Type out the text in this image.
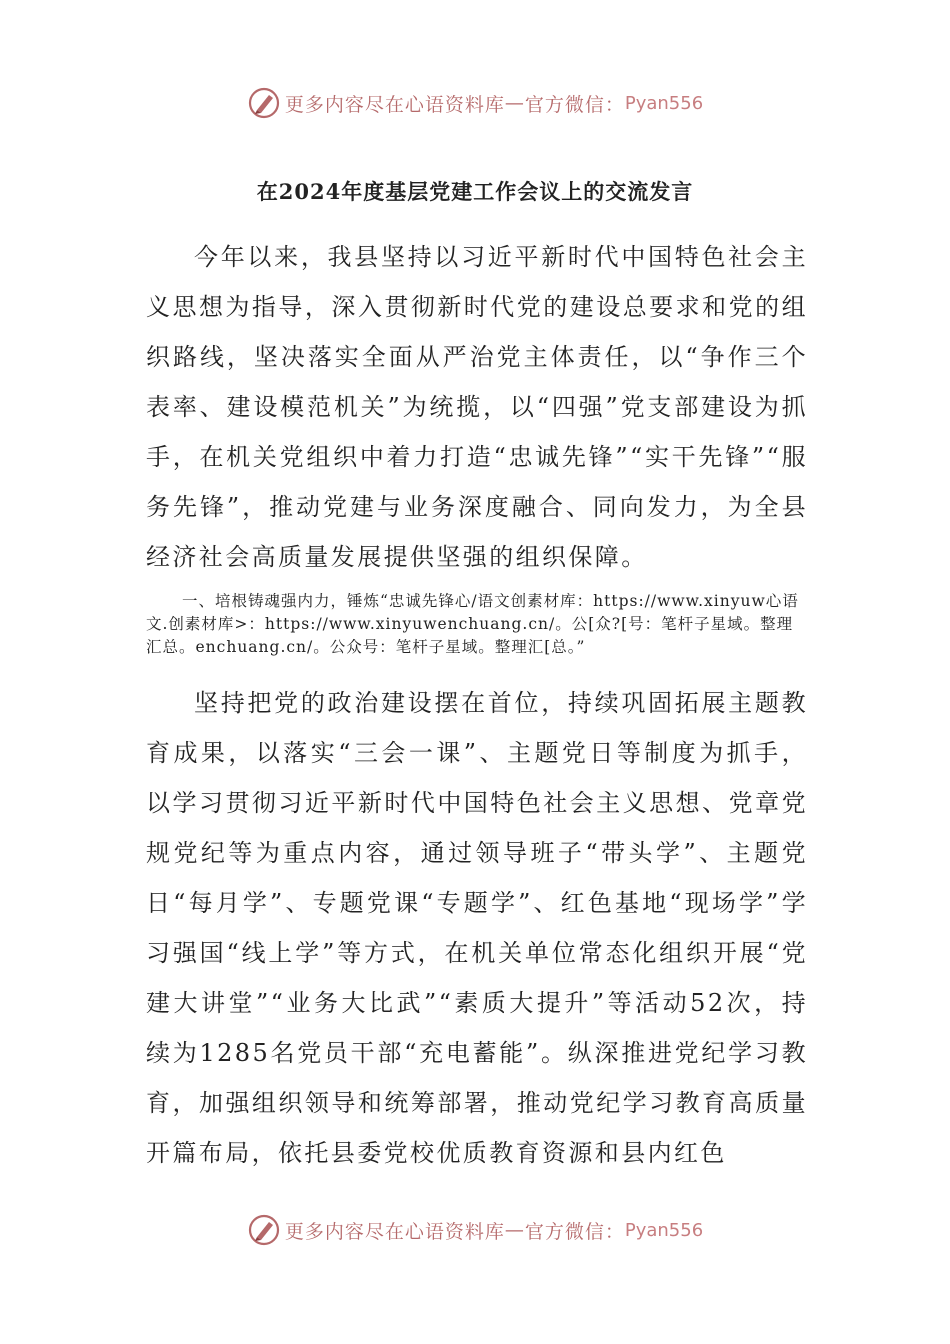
更多内容尽在心语资料库 — 官方微信： Pyan556
在2024年度基层党建工作会议上的交流发言

今年以来，我县坚持以习近平新时代中国特色社会主义思想为指导，深入贯彻新时代党的建设总要求和党的组织路线，坚决落实全面从严治党主体责任，以“争作三个表率、建设模范机关”为统揽，以“四强”党支部建设为抓手，在机关党组织中着力打造“忠诚先锋”“实干先锋”“服务先锋”，推动党建与业务深度融合、同向发力，为全县经济社会高质量发展提供坚强的组织保障。

一、培根铸魂强内力，锤炼“忠诚先锋心/语文创素材库：https://www.xinyuw心语文.创素材库>：https://www.xinyuwenchuang.cn/。公[众?[号：笔杆子星域。整理汇总。enchuang.cn/。公众号：笔杆子星域。整理汇[总。”

坚持把党的政治建设摆在首位，持续巩固拓展主题教育成果，以落实“三会一课”、主题党日等制度为抓手，以学习贯彻习近平新时代中国特色社会主义思想、党章党规党纪等为重点内容，通过领导班子“带头学”、主题党日“每月学”、专题党课“专题学”、红色基地“现场学”学习强国“线上学”等方式，在机关单位常态化组织开展“党建大讲堂”“业务大比武”“素质大提升”等活动52次，持续为1285名党员干部“充电蓄能”。纵深推进党纪学习教育，加强组织领导和统筹部署，推动党纪学习教育高质量开篇布局，依托县委党校优质教育资源和县内红色

更多内容尽在心语资料库 — 官方微信： Pyan556
